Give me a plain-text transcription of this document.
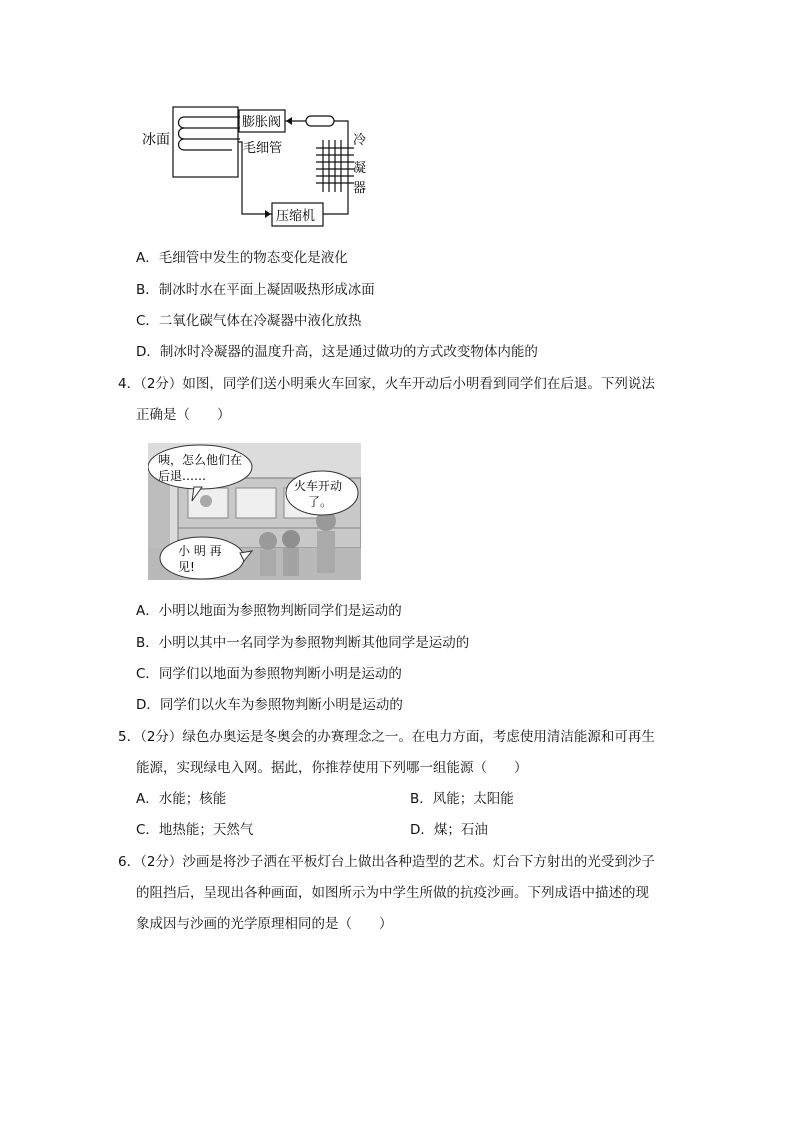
冰面
膨胀阀
毛细管
冷
凝
器
压缩机
A．毛细管中发生的物态变化是液化
B．制冰时水在平面上凝固吸热形成冰面
C．二氧化碳气体在冷凝器中液化放热
D．制冰时冷凝器的温度升高，这是通过做功的方式改变物体内能的
4．（2分）如图，同学们送小明乘火车回家，火车开动后小明看到同学们在后退。下列说法
正确是（　　）
咦，怎么他们在
后退……
火车开动
了。
小 明 再
见!
A．小明以地面为参照物判断同学们是运动的
B．小明以其中一名同学为参照物判断其他同学是运动的
C．同学们以地面为参照物判断小明是运动的
D．同学们以火车为参照物判断小明是运动的
5．（2分）绿色办奥运是冬奥会的办赛理念之一。在电力方面，考虑使用清洁能源和可再生
能源，实现绿电入网。据此，你推荐使用下列哪一组能源（　　）
A．水能；核能	B．风能；太阳能
C．地热能；天然气	D．煤；石油
6．（2分）沙画是将沙子洒在平板灯台上做出各种造型的艺术。灯台下方射出的光受到沙子
的阻挡后，呈现出各种画面，如图所示为中学生所做的抗疫沙画。下列成语中描述的现
象成因与沙画的光学原理相同的是（　　）
